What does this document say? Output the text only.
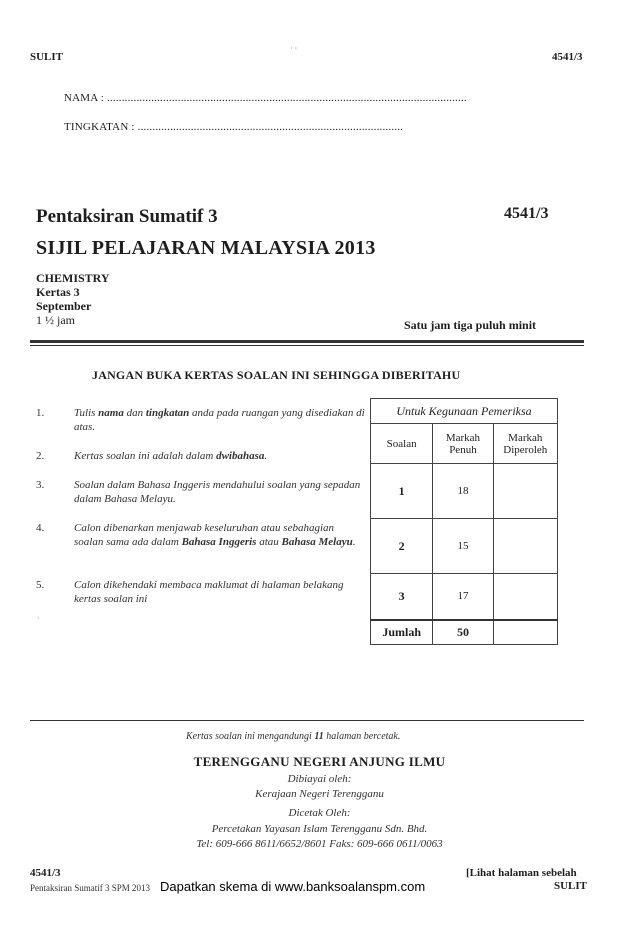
SULIT
· ·
4541/3
NAMA : ..........................................................................................................................
TINGKATAN : ..........................................................................................
Pentaksiran Sumatif 3	4541/3
SIJIL PELAJARAN MALAYSIA 2013
CHEMISTRY
Kertas 3
September
1 ½ jam	Satu jam tiga puluh minit
JANGAN BUKA KERTAS SOALAN INI SEHINGGA DIBERITAHU
1.	Tulis nama dan tingkatan anda pada ruangan yang disediakan di atas.
2.	Kertas soalan ini adalah dalam dwibahasa.
3.	Soalan dalam Bahasa Inggeris mendahului soalan yang sepadan dalam Bahasa Melayu.
4.	Calon dibenarkan menjawab keseluruhan atau sebahagian soalan sama ada dalam Bahasa Inggeris atau Bahasa Melayu.
5.	Calon dikehendaki membaca maklumat di halaman belakang kertas soalan ini
Untuk Kegunaan Pemeriksa		
Soalan	Markah Penuh	Markah Diperoleh
1	18	
2	15	
3	17	
Jumlah	50	
·
Kertas soalan ini mengandungi 11 halaman bercetak.
TERENGGANU NEGERI ANJUNG ILMU
Dibiayai oleh:
Kerajaan Negeri Terengganu
Dicetak Oleh:
Percetakan Yayasan Islam Terengganu Sdn. Bhd.
Tel: 609-666 8611/6652/8601 Faks: 609-666 0611/0063
4541/3
Pentaksiran Sumatif 3 SPM 2013
[Lihat halaman sebelah
SULIT
Dapatkan skema di www.banksoalanspm.com
